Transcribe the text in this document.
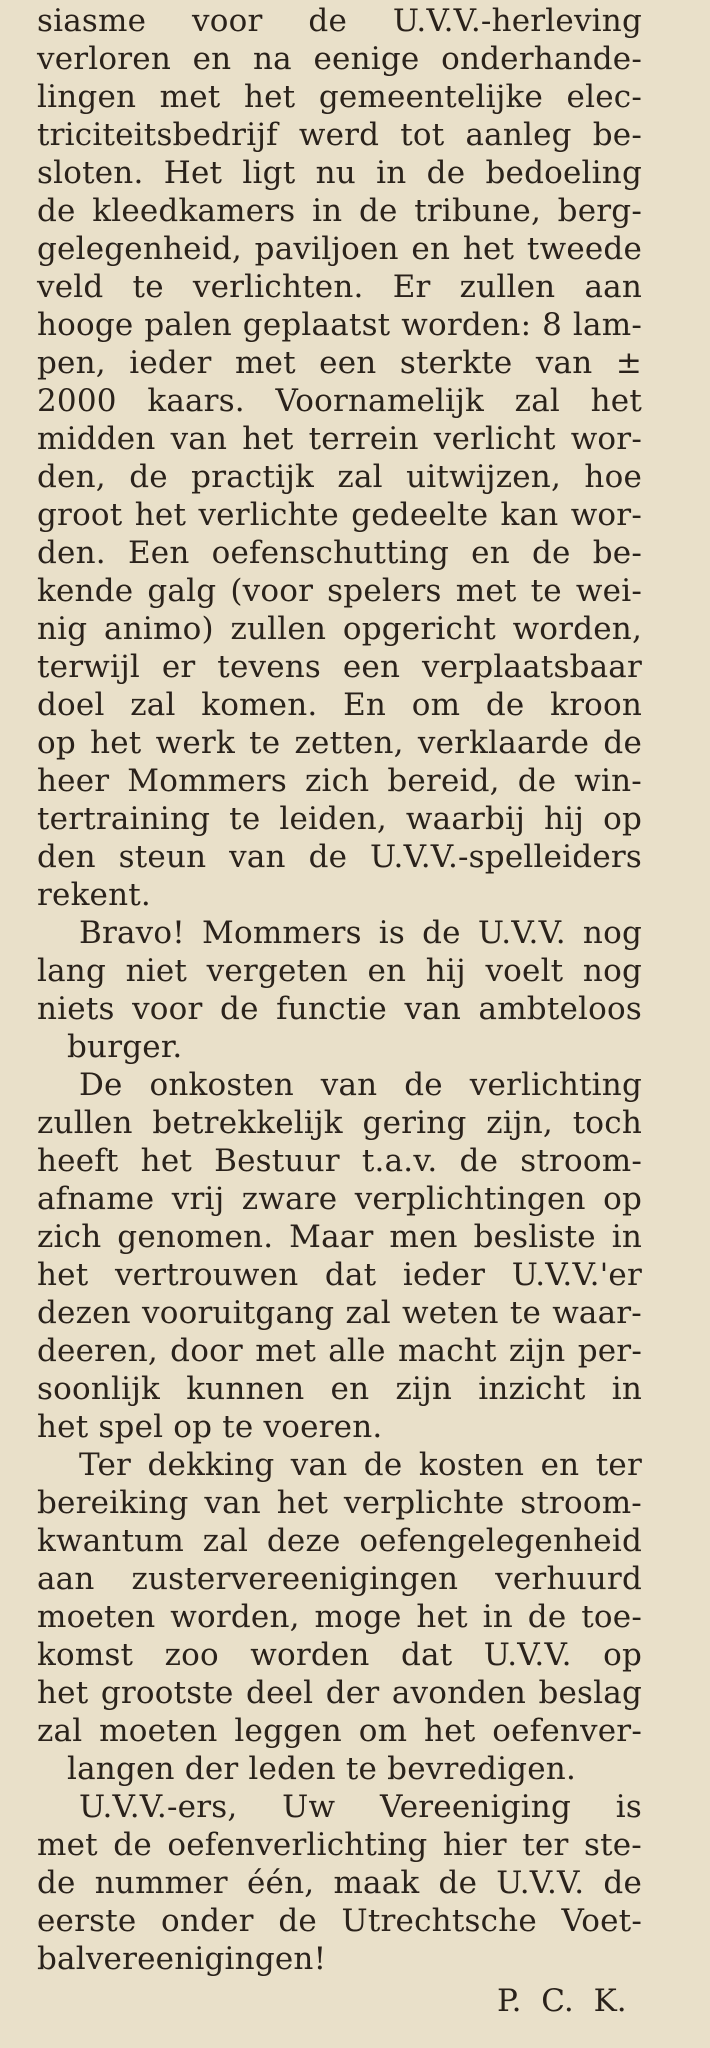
siasme voor de U.V.V.-herleving
verloren en na eenige onderhande-
lingen met het gemeentelijke elec-
triciteitsbedrijf werd tot aanleg be-
sloten. Het ligt nu in de bedoeling
de kleedkamers in de tribune, berg-
gelegenheid, paviljoen en het tweede
veld te verlichten. Er zullen aan
hooge palen geplaatst worden: 8 lam-
pen, ieder met een sterkte van ±
2000 kaars. Voornamelijk zal het
midden van het terrein verlicht wor-
den, de practijk zal uitwijzen, hoe
groot het verlichte gedeelte kan wor-
den. Een oefenschutting en de be-
kende galg (voor spelers met te wei-
nig animo) zullen opgericht worden,
terwijl er tevens een verplaatsbaar
doel zal komen. En om de kroon
op het werk te zetten, verklaarde de
heer Mommers zich bereid, de win-
tertraining te leiden, waarbij hij op
den steun van de U.V.V.-spelleiders
rekent.
Bravo! Mommers is de U.V.V. nog
lang niet vergeten en hij voelt nog
niets voor de functie van ambteloos
burger.
De onkosten van de verlichting
zullen betrekkelijk gering zijn, toch
heeft het Bestuur t.a.v. de stroom-
afname vrij zware verplichtingen op
zich genomen. Maar men besliste in
het vertrouwen dat ieder U.V.V.'er
dezen vooruitgang zal weten te waar-
deeren, door met alle macht zijn per-
soonlijk kunnen en zijn inzicht in
het spel op te voeren.
Ter dekking van de kosten en ter
bereiking van het verplichte stroom-
kwantum zal deze oefengelegenheid
aan zustervereenigingen verhuurd
moeten worden, moge het in de toe-
komst zoo worden dat U.V.V. op
het grootste deel der avonden beslag
zal moeten leggen om het oefenver-
langen der leden te bevredigen.
U.V.V.-ers, Uw Vereeniging is
met de oefenverlichting hier ter ste-
de nummer één, maak de U.V.V. de
eerste onder de Utrechtsche Voet-
balvereenigingen!
P. C. K.
